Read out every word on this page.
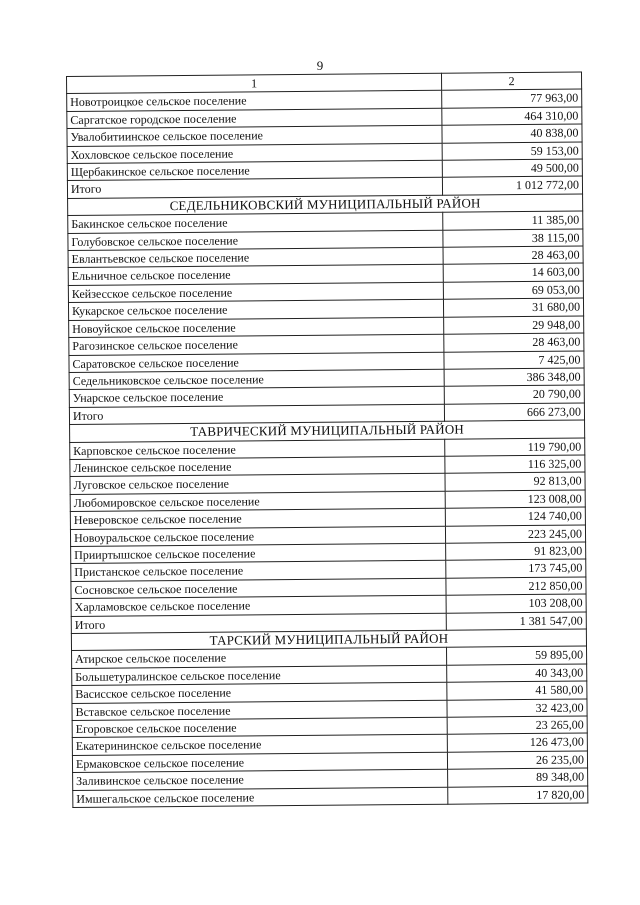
9
1	2
Новотроицкое сельское поселение	77 963,00
Саргатское городское поселение	464 310,00
Увалобитиинское сельское поселение	40 838,00
Хохловское сельское поселение	59 153,00
Щербакинское сельское поселение	49 500,00
Итого	1 012 772,00
СЕДЕЛЬНИКОВСКИЙ МУНИЦИПАЛЬНЫЙ РАЙОН	
Бакинское сельское поселение	11 385,00
Голубовское сельское поселение	38 115,00
Евлантьевское сельское поселение	28 463,00
Ельничное сельское поселение	14 603,00
Кейзесское сельское поселение	69 053,00
Кукарское сельское поселение	31 680,00
Новоуйское сельское поселение	29 948,00
Рагозинское сельское поселение	28 463,00
Саратовское сельское поселение	7 425,00
Седельниковское сельское поселение	386 348,00
Унарское сельское поселение	20 790,00
Итого	666 273,00
ТАВРИЧЕСКИЙ МУНИЦИПАЛЬНЫЙ РАЙОН	
Карповское сельское поселение	119 790,00
Ленинское сельское поселение	116 325,00
Луговское сельское поселение	92 813,00
Любомировское сельское поселение	123 008,00
Неверовское сельское поселение	124 740,00
Новоуральское сельское поселение	223 245,00
Прииртышское сельское поселение	91 823,00
Пристанское сельское поселение	173 745,00
Сосновское сельское поселение	212 850,00
Харламовское сельское поселение	103 208,00
Итого	1 381 547,00
ТАРСКИЙ МУНИЦИПАЛЬНЫЙ РАЙОН	
Атирское сельское поселение	59 895,00
Большетуралинское сельское поселение	40 343,00
Васисское сельское поселение	41 580,00
Вставское сельское поселение	32 423,00
Егоровское сельское поселение	23 265,00
Екатерининское сельское поселение	126 473,00
Ермаковское сельское поселение	26 235,00
Заливинское сельское поселение	89 348,00
Имшегальское сельское поселение	17 820,00
